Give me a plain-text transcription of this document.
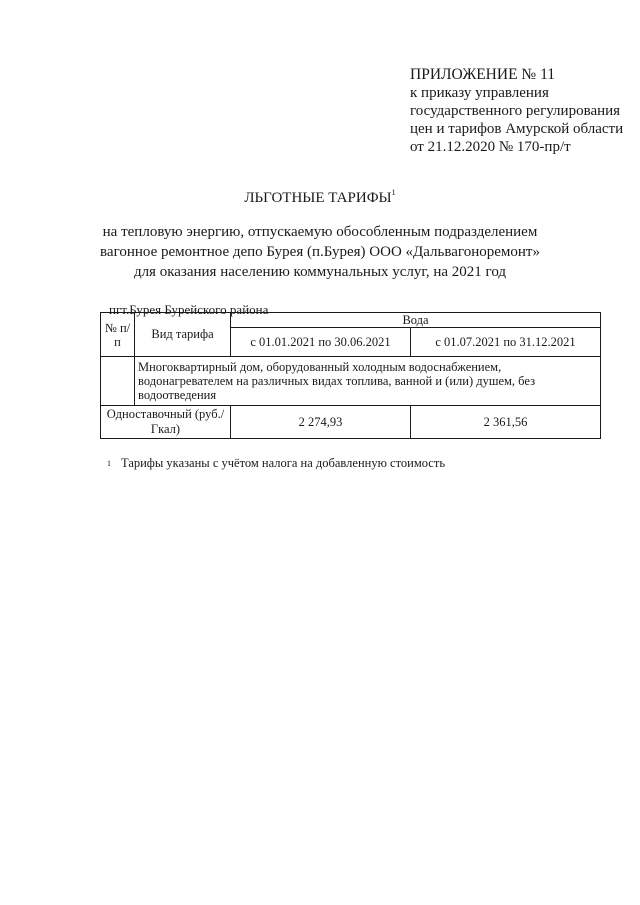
ПРИЛОЖЕНИЕ № 11
к приказу управления
государственного регулирования
цен и тарифов Амурской области
от 21.12.2020 № 170-пр/т
ЛЬГОТНЫЕ ТАРИФЫ$^1$
на тепловую энергию, отпускаемую обособленным подразделением
вагонное ремонтное депо Бурея (п.Бурея) ООО «Дальвагоноремонт»
для оказания населению коммунальных услуг, на 2021 год
пгт.Бурея Бурейского района
№ п/п	Вид тарифа	Вода	
		с 01.01.2021 по 30.06.2021	с 01.07.2021 по 31.12.2021
	Многоквартирный дом, оборудованный холодным водоснабжением, водонагревателем на различных видах топлива, ванной и (или) душем, без водоотведения		
Одноставочный (руб./Гкал)		2 274,93	2 361,56
1 Тарифы указаны с учётом налога на добавленную стоимость
